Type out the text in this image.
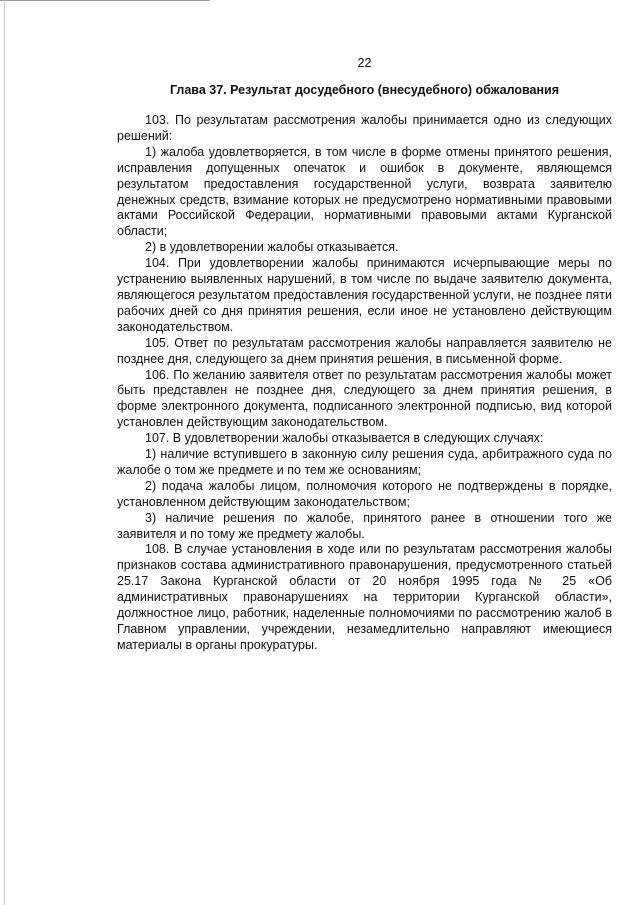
22
Глава 37. Результат досудебного (внесудебного) обжалования

103. По результатам рассмотрения жалобы принимается одно из следующих решений:

1) жалоба удовлетворяется, в том числе в форме отмены принятого решения, исправления допущенных опечаток и ошибок в документе, являющемся результатом предоставления государственной услуги, возврата заявителю денежных средств, взимание которых не предусмотрено нормативными правовыми актами Российской Федерации, нормативными правовыми актами Курганской области;

2) в удовлетворении жалобы отказывается.

104. При удовлетворении жалобы принимаются исчерпывающие меры по устранению выявленных нарушений, в том числе по выдаче заявителю документа, являющегося результатом предоставления государственной услуги, не позднее пяти рабочих дней со дня принятия решения, если иное не установлено действующим законодательством.

105. Ответ по результатам рассмотрения жалобы направляется заявителю не позднее дня, следующего за днем принятия решения, в письменной форме.

106. По желанию заявителя ответ по результатам рассмотрения жалобы может быть представлен не позднее дня, следующего за днем принятия решения, в форме электронного документа, подписанного электронной подписью, вид которой установлен действующим законодательством.

107. В удовлетворении жалобы отказывается в следующих случаях:

1) наличие вступившего в законную силу решения суда, арбитражного суда по жалобе о том же предмете и по тем же основаниям;

2) подача жалобы лицом, полномочия которого не подтверждены в порядке, установленном действующим законодательством;

3) наличие решения по жалобе, принятого ранее в отношении того же заявителя и по тому же предмету жалобы.

108. В случае установления в ходе или по результатам рассмотрения жалобы признаков состава административного правонарушения, предусмотренного статьей 25.17 Закона Курганской области от 20 ноября 1995 года № 25 «Об административных правонарушениях на территории Курганской области», должностное лицо, работник, наделенные полномочиями по рассмотрению жалоб в Главном управлении, учреждении, незамедлительно направляют имеющиеся материалы в органы прокуратуры.
